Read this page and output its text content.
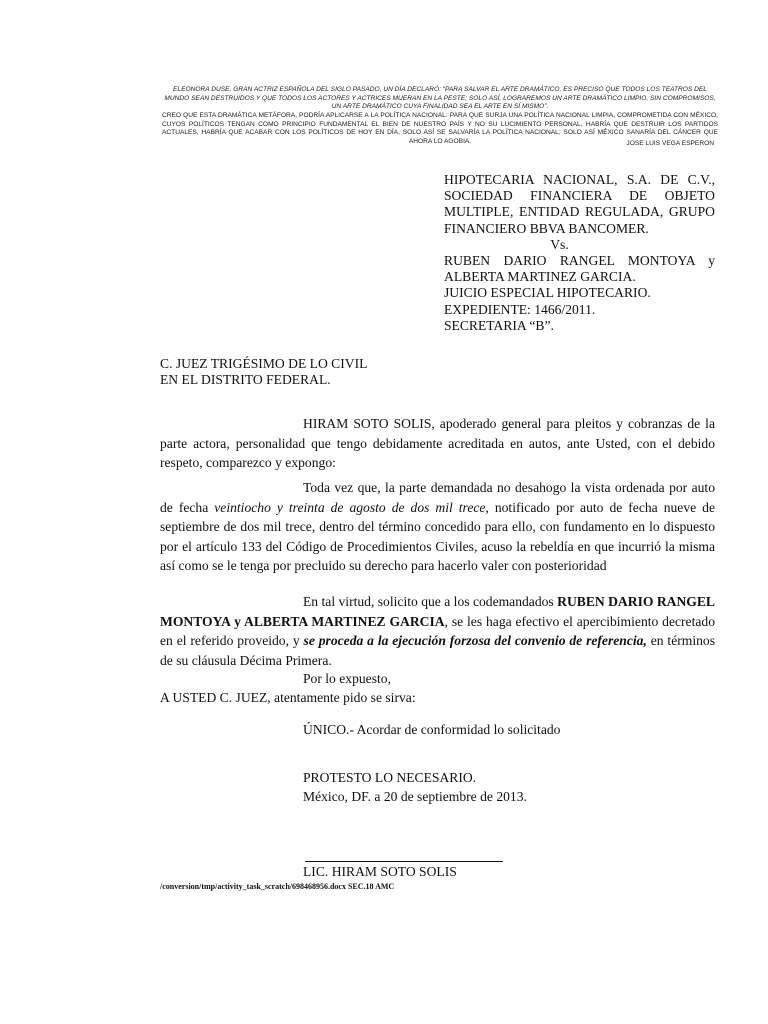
ELEONORA DUSE, GRAN ACTRIZ ESPAÑOLA DEL SIGLO PASADO, UN DÍA DECLARÓ: “PARA SALVAR EL ARTE DRAMÁTICO, ES PRECISO QUE TODOS LOS TEATROS DEL MUNDO SEAN DESTRUIDOS Y QUE TODOS LOS ACTORES Y ACTRICES MUERAN EN LA PESTE; SOLO ASÍ, LOGRAREMOS UN ARTE DRAMÁTICO LIMPIO, SIN COMPROMISOS, UN ARTE DRAMÁTICO CUYA FINALIDAD SEA EL ARTE EN SÍ MISMO”.
CREO QUE ESTA DRAMÁTICA METÁFORA, PODRÍA APLICARSE A LA POLÍTICA NACIONAL: PARA QUE SURJA UNA POLÍTICA NACIONAL LIMPIA, COMPROMETIDA CON MÉXICO, CUYOS POLÍTICOS TENGAN COMO PRINCIPIO FUNDAMENTAL EL BIEN DE NUESTRO PAÍS Y NO SU LUCIMIENTO PERSONAL, HABRÍA QUE DESTRUIR LOS PARTIDOS ACTUALES, HABRÍA QUE ACABAR CON LOS POLÍTICOS DE HOY EN DÍA, SOLO ASÍ SE SALVARÍA LA POLÍTICA NACIONAL; SOLO ASÍ MÉXICO SANARÍA DEL CÁNCER QUE AHORA LO AGOBIA.	JOSE LUIS VEGA ESPERON
HIPOTECARIA NACIONAL, S.A. DE C.V., SOCIEDAD FINANCIERA DE OBJETO MULTIPLE, ENTIDAD REGULADA, GRUPO FINANCIERO BBVA BANCOMER.
Vs.
RUBEN DARIO RANGEL MONTOYA y ALBERTA MARTINEZ GARCIA.
JUICIO ESPECIAL HIPOTECARIO.
EXPEDIENTE: 1466/2011.
SECRETARIA “B”.
C. JUEZ TRIGÉSIMO DE LO CIVIL
EN EL DISTRITO FEDERAL.
HIRAM SOTO SOLIS, apoderado general para pleitos y cobranzas de la parte actora, personalidad que tengo debidamente acreditada en autos, ante Usted, con el debido respeto, comparezco y expongo:
Toda vez que, la parte demandada no desahogo la vista ordenada por auto de fecha veintiocho y treinta de agosto de dos mil trece, notificado por auto de fecha nueve de septiembre de dos mil trece, dentro del término concedido para ello, con fundamento en lo dispuesto por el artículo 133 del Código de Procedimientos Civiles, acuso la rebeldía en que incurrió la misma así como se le tenga por precluido su derecho para hacerlo valer con posterioridad
En tal virtud, solicito que a los codemandados RUBEN DARIO RANGEL MONTOYA y ALBERTA MARTINEZ GARCIA, se les haga efectivo el apercibimiento decretado en el referido proveido, y se proceda a la ejecución forzosa del convenio de referencia, en términos de su cláusula Décima Primera.
Por lo expuesto,
A USTED C. JUEZ, atentamente pido se sirva:
ÚNICO.- Acordar de conformidad lo solicitado
PROTESTO LO NECESARIO.
México, DF. a 20 de septiembre de 2013.
LIC. HIRAM SOTO SOLIS
/conversion/tmp/activity_task_scratch/698468956.docx SEC.18 AMC
